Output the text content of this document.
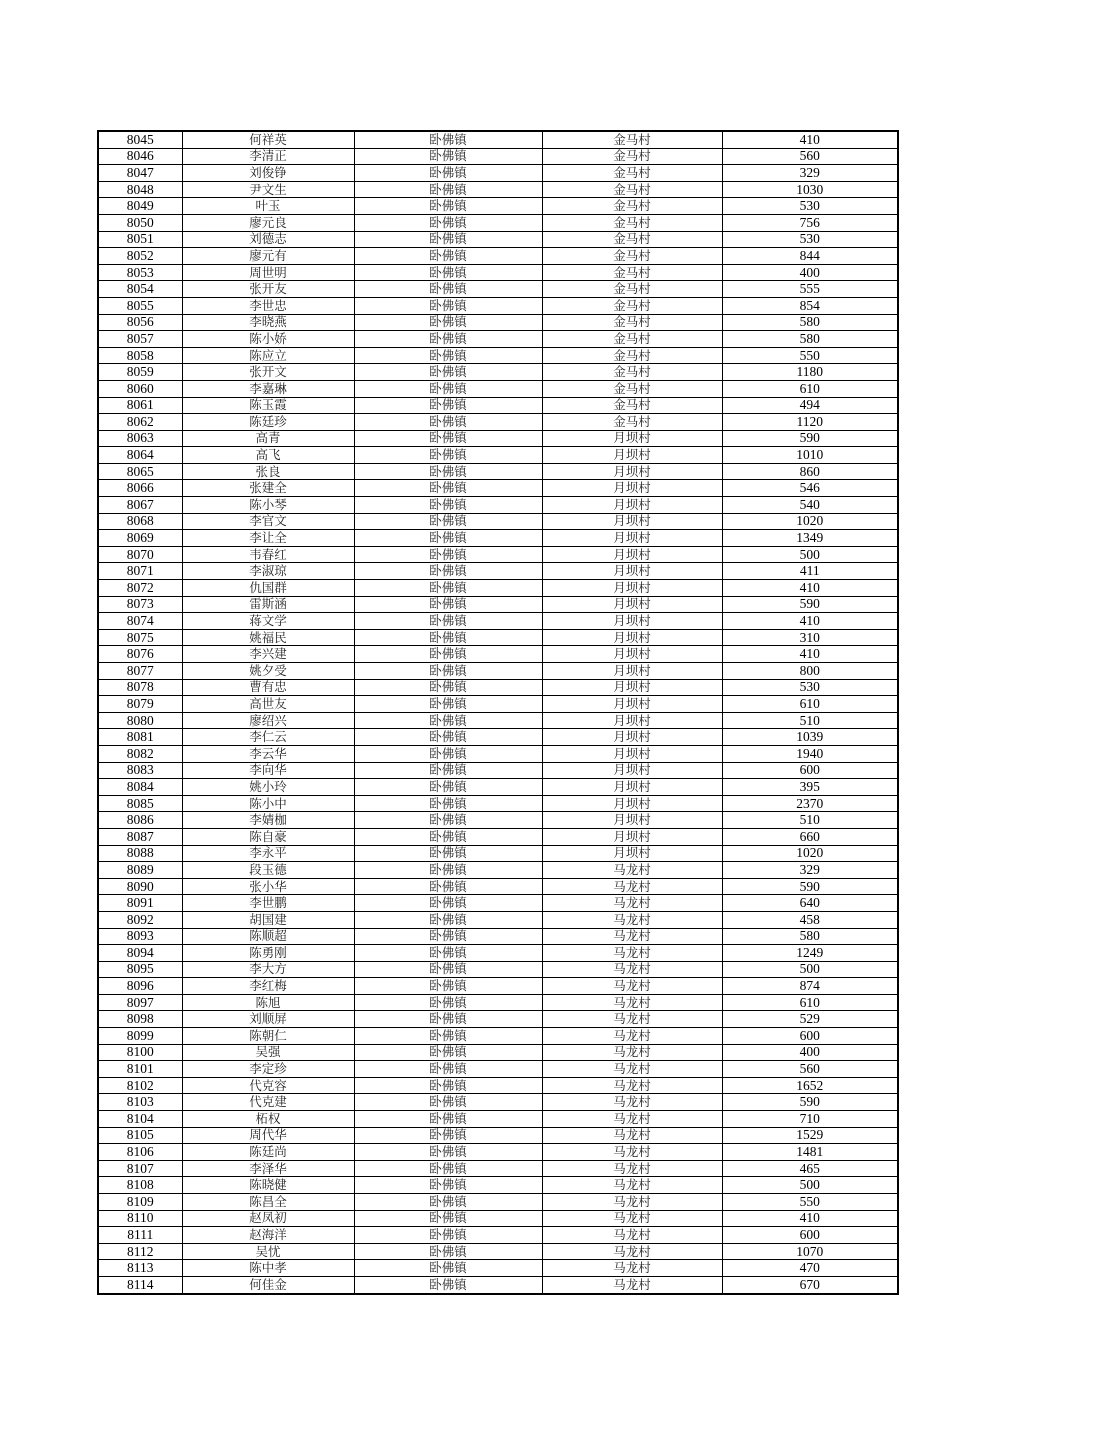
8045	何祥英	卧佛镇	金马村	410
8046	李清正	卧佛镇	金马村	560
8047	刘俊铮	卧佛镇	金马村	329
8048	尹文生	卧佛镇	金马村	1030
8049	叶玉	卧佛镇	金马村	530
8050	廖元良	卧佛镇	金马村	756
8051	刘德志	卧佛镇	金马村	530
8052	廖元有	卧佛镇	金马村	844
8053	周世明	卧佛镇	金马村	400
8054	张开友	卧佛镇	金马村	555
8055	李世忠	卧佛镇	金马村	854
8056	李晓燕	卧佛镇	金马村	580
8057	陈小娇	卧佛镇	金马村	580
8058	陈应立	卧佛镇	金马村	550
8059	张开文	卧佛镇	金马村	1180
8060	李嘉琳	卧佛镇	金马村	610
8061	陈玉霞	卧佛镇	金马村	494
8062	陈廷珍	卧佛镇	金马村	1120
8063	高青	卧佛镇	月坝村	590
8064	高飞	卧佛镇	月坝村	1010
8065	张良	卧佛镇	月坝村	860
8066	张建全	卧佛镇	月坝村	546
8067	陈小琴	卧佛镇	月坝村	540
8068	李官文	卧佛镇	月坝村	1020
8069	李让全	卧佛镇	月坝村	1349
8070	韦春红	卧佛镇	月坝村	500
8071	李淑琼	卧佛镇	月坝村	411
8072	仇国群	卧佛镇	月坝村	410
8073	雷斯涵	卧佛镇	月坝村	590
8074	蒋文学	卧佛镇	月坝村	410
8075	姚福民	卧佛镇	月坝村	310
8076	李兴建	卧佛镇	月坝村	410
8077	姚夕受	卧佛镇	月坝村	800
8078	曹有忠	卧佛镇	月坝村	530
8079	高世友	卧佛镇	月坝村	610
8080	廖绍兴	卧佛镇	月坝村	510
8081	李仁云	卧佛镇	月坝村	1039
8082	李云华	卧佛镇	月坝村	1940
8083	李向华	卧佛镇	月坝村	600
8084	姚小玲	卧佛镇	月坝村	395
8085	陈小中	卧佛镇	月坝村	2370
8086	李婧枷	卧佛镇	月坝村	510
8087	陈自豪	卧佛镇	月坝村	660
8088	李永平	卧佛镇	月坝村	1020
8089	段玉德	卧佛镇	马龙村	329
8090	张小华	卧佛镇	马龙村	590
8091	李世鹏	卧佛镇	马龙村	640
8092	胡国建	卧佛镇	马龙村	458
8093	陈顺超	卧佛镇	马龙村	580
8094	陈勇刚	卧佛镇	马龙村	1249
8095	李大方	卧佛镇	马龙村	500
8096	李红梅	卧佛镇	马龙村	874
8097	陈旭	卧佛镇	马龙村	610
8098	刘顺屏	卧佛镇	马龙村	529
8099	陈朝仁	卧佛镇	马龙村	600
8100	吴强	卧佛镇	马龙村	400
8101	李定珍	卧佛镇	马龙村	560
8102	代克容	卧佛镇	马龙村	1652
8103	代克建	卧佛镇	马龙村	590
8104	柘权	卧佛镇	马龙村	710
8105	周代华	卧佛镇	马龙村	1529
8106	陈廷尚	卧佛镇	马龙村	1481
8107	李泽华	卧佛镇	马龙村	465
8108	陈晓健	卧佛镇	马龙村	500
8109	陈昌全	卧佛镇	马龙村	550
8110	赵凤初	卧佛镇	马龙村	410
8111	赵海洋	卧佛镇	马龙村	600
8112	吴忧	卧佛镇	马龙村	1070
8113	陈中孝	卧佛镇	马龙村	470
8114	何佳金	卧佛镇	马龙村	670
